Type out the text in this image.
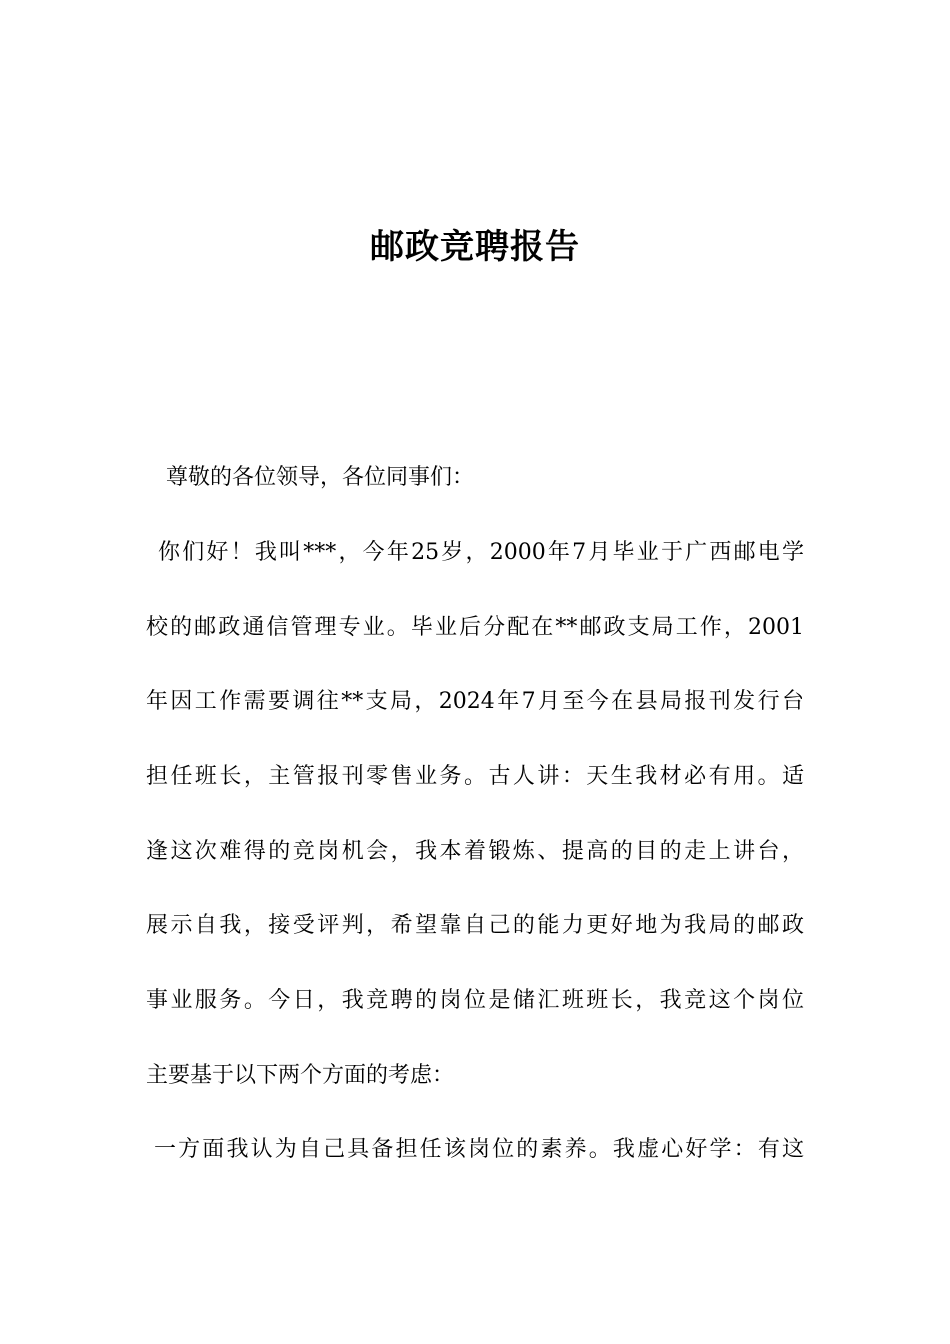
邮政竞聘报告
尊敬的各位领导，各位同事们：
你们好！我叫***，今年25岁，2000年7月毕业于广西邮电学
校的邮政通信管理专业。毕业后分配在**邮政支局工作，2001
年因工作需要调往**支局，2024年7月至今在县局报刊发行台
担任班长，主管报刊零售业务。古人讲：天生我材必有用。适
逢这次难得的竞岗机会，我本着锻炼、提高的目的走上讲台，
展示自我，接受评判，希望靠自己的能力更好地为我局的邮政
事业服务。今日，我竞聘的岗位是储汇班班长，我竞这个岗位
主要基于以下两个方面的考虑：
一方面我认为自己具备担任该岗位的素养。我虚心好学：有这
